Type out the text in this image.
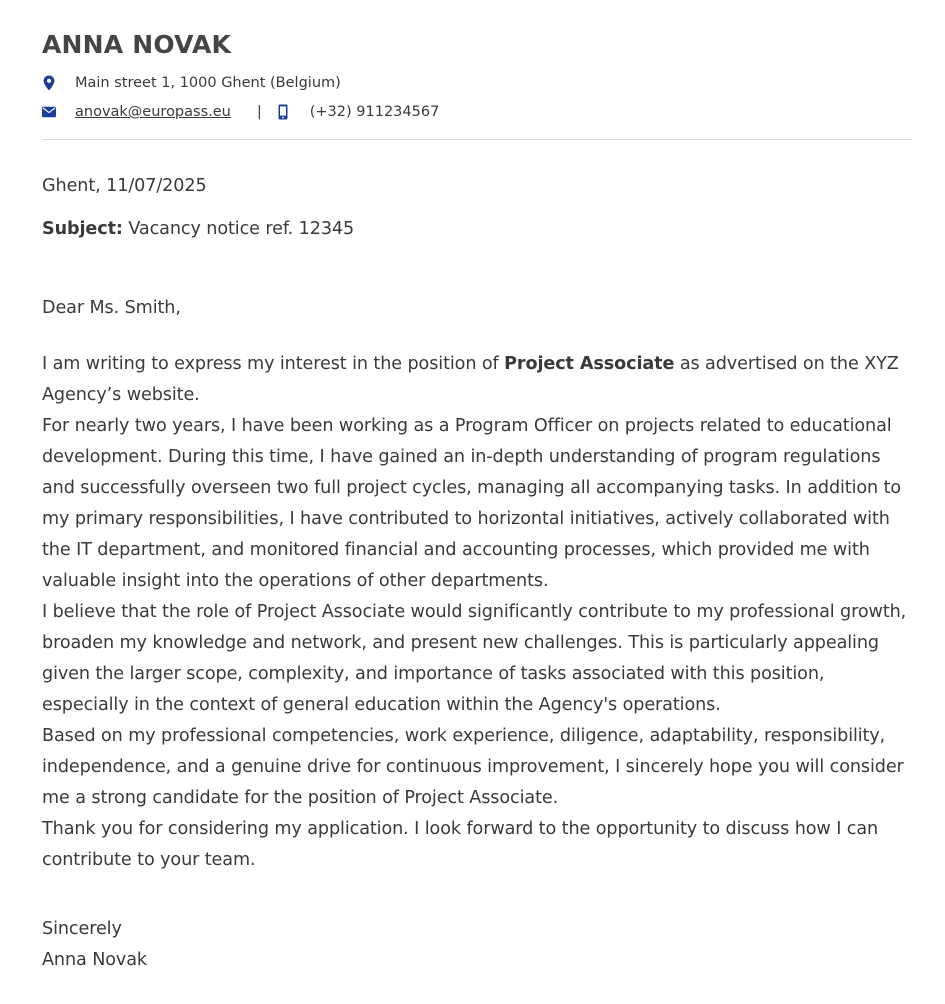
ANNA NOVAK
Main street 1, 1000 Ghent (Belgium)
anovak@europass.eu |	(+32) 911234567
Ghent, 11/07/2025
Subject: Vacancy notice ref. 12345
Dear Ms. Smith,

I am writing to express my interest in the position of Project Associate as advertised on the XYZ Agency’s website.

For nearly two years, I have been working as a Program Officer on projects related to educational development. During this time, I have gained an in-depth understanding of program regulations and successfully overseen two full project cycles, managing all accompanying tasks. In addition to my primary responsibilities, I have contributed to horizontal initiatives, actively collaborated with the IT department, and monitored financial and accounting processes, which provided me with valuable insight into the operations of other departments.

I believe that the role of Project Associate would significantly contribute to my professional growth, broaden my knowledge and network, and present new challenges. This is particularly appealing given the larger scope, complexity, and importance of tasks associated with this position, especially in the context of general education within the Agency's operations.

Based on my professional competencies, work experience, diligence, adaptability, responsibility, independence, and a genuine drive for continuous improvement, I sincerely hope you will consider me a strong candidate for the position of Project Associate.

Thank you for considering my application. I look forward to the opportunity to discuss how I can contribute to your team.

Sincerely
Anna Novak
